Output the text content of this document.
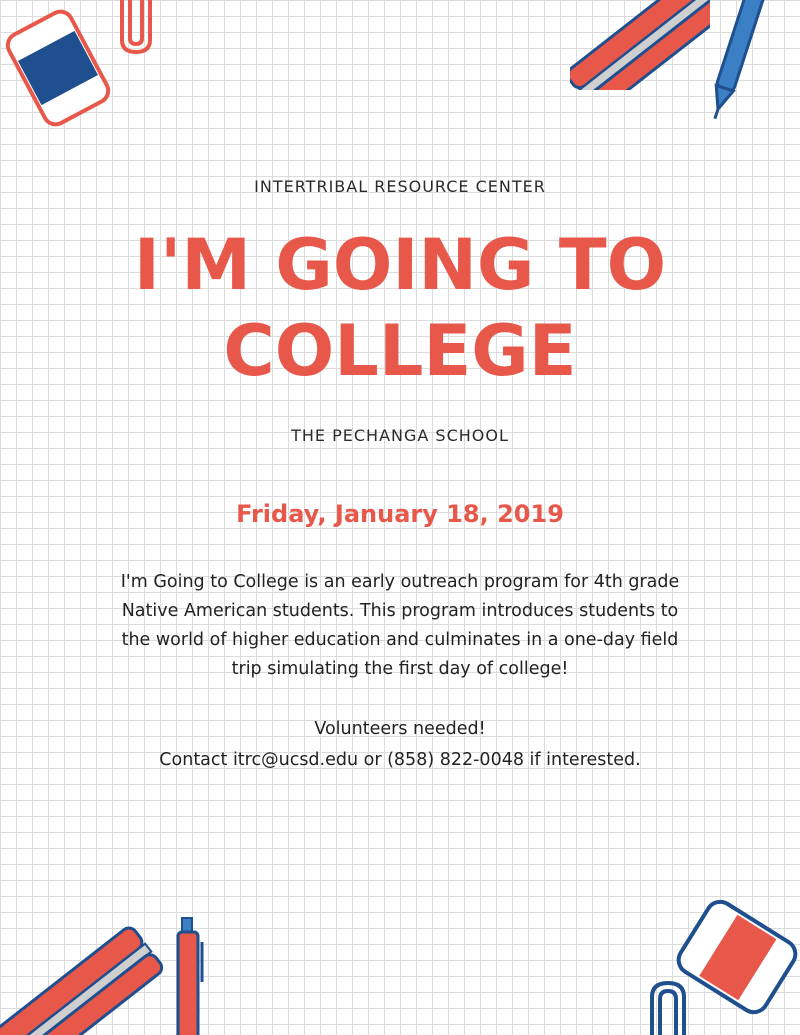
INTERTRIBAL RESOURCE CENTER
I'M GOING TO
COLLEGE
THE PECHANGA SCHOOL
Friday, January 18, 2019
I'm Going to College is an early outreach program for 4th grade Native American students. This program introduces students to the world of higher education and culminates in a one-day field trip simulating the first day of college!
Volunteers needed!
Contact itrc@ucsd.edu or (858) 822-0048 if interested.
